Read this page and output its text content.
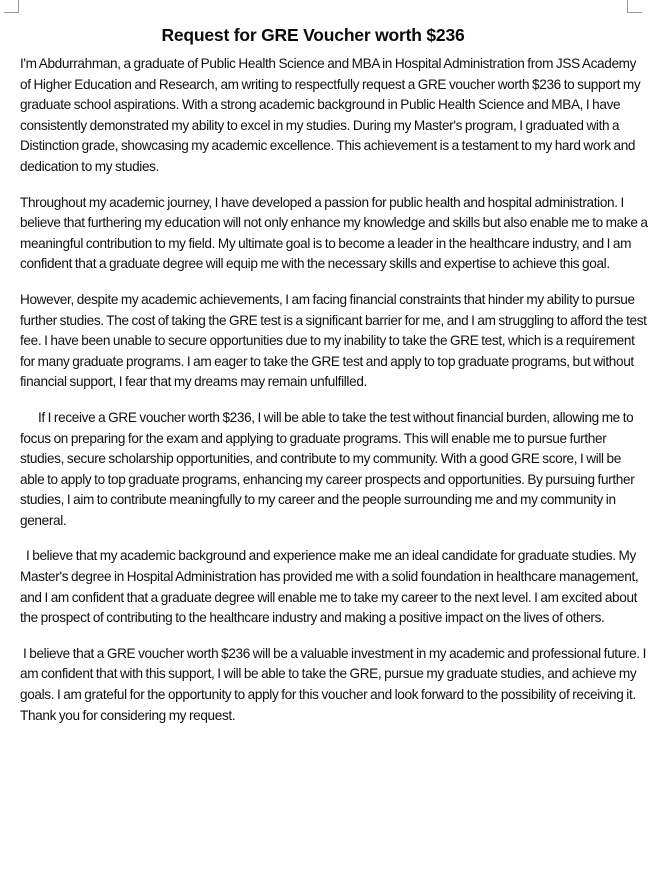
Request for GRE Voucher worth $236

I'm Abdurrahman, a graduate of Public Health Science and MBA in Hospital Administration from JSS Academy of Higher Education and Research, am writing to respectfully request a GRE voucher worth $236 to support my graduate school aspirations. With a strong academic background in Public Health Science and MBA, I have consistently demonstrated my ability to excel in my studies. During my Master's program, I graduated with a Distinction grade, showcasing my academic excellence. This achievement is a testament to my hard work and dedication to my studies.

Throughout my academic journey, I have developed a passion for public health and hospital administration. I believe that furthering my education will not only enhance my knowledge and skills but also enable me to make a meaningful contribution to my field. My ultimate goal is to become a leader in the healthcare industry, and I am confident that a graduate degree will equip me with the necessary skills and expertise to achieve this goal.

However, despite my academic achievements, I am facing financial constraints that hinder my ability to pursue further studies. The cost of taking the GRE test is a significant barrier for me, and I am struggling to afford the test fee. I have been unable to secure opportunities due to my inability to take the GRE test, which is a requirement for many graduate programs. I am eager to take the GRE test and apply to top graduate programs, but without financial support, I fear that my dreams may remain unfulfilled.

If I receive a GRE voucher worth $236, I will be able to take the test without financial burden, allowing me to focus on preparing for the exam and applying to graduate programs. This will enable me to pursue further studies, secure scholarship opportunities, and contribute to my community. With a good GRE score, I will be able to apply to top graduate programs, enhancing my career prospects and opportunities. By pursuing further studies, I aim to contribute meaningfully to my career and the people surrounding me and my community in general.

I believe that my academic background and experience make me an ideal candidate for graduate studies. My Master's degree in Hospital Administration has provided me with a solid foundation in healthcare management, and I am confident that a graduate degree will enable me to take my career to the next level. I am excited about the prospect of contributing to the healthcare industry and making a positive impact on the lives of others.

I believe that a GRE voucher worth $236 will be a valuable investment in my academic and professional future. I am confident that with this support, I will be able to take the GRE, pursue my graduate studies, and achieve my goals. I am grateful for the opportunity to apply for this voucher and look forward to the possibility of receiving it. Thank you for considering my request.
